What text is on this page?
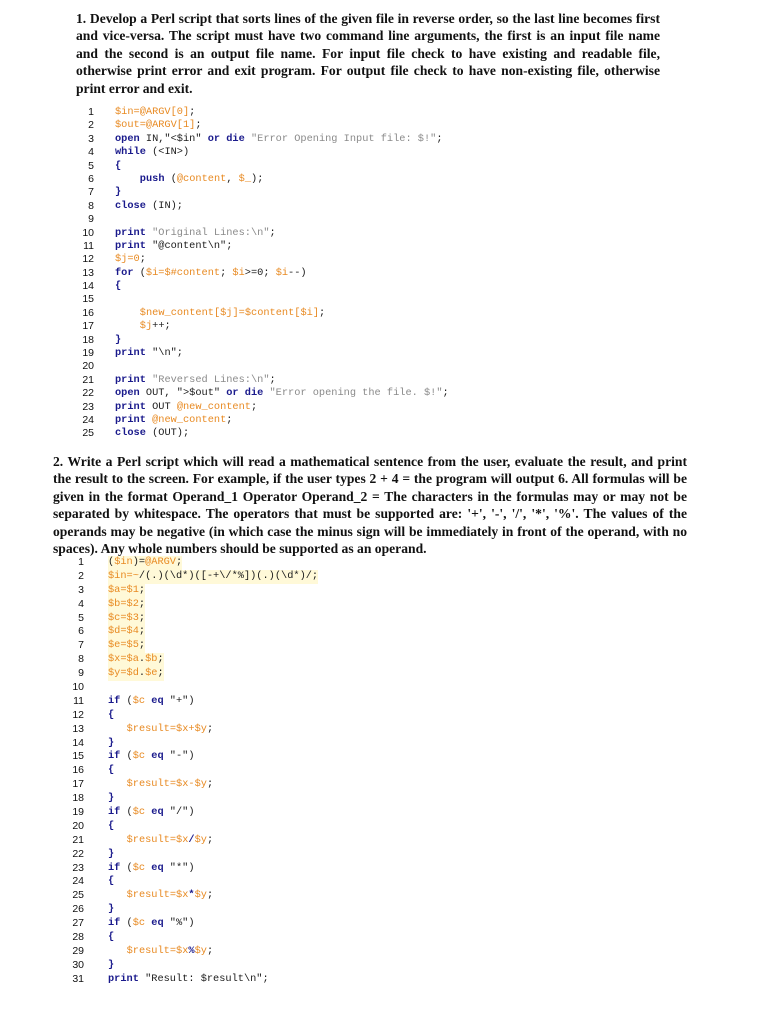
1. Develop a Perl script that sorts lines of the given file in reverse order, so the last line becomes first and vice-versa. The script must have two command line arguments, the first is an input file name and the second is an output file name. For input file check to have existing and readable file, otherwise print error and exit program. For output file check to have non-existing file, otherwise print error and exit.
1 $in=@ARGV[0];
2 $out=@ARGV[1];
3 open IN,"<$in" or die "Error Opening Input file: $!";
4 while (<IN>)
5 {
6	push (@content, $_);
7 }
8 close (IN);
9
10 print "Original Lines:\n";
11 print "@content\n";
12 $j=0;
13 for ($i=$#content; $i>=0; $i--)
14 {
15
16	$new_content[$j]=$content[$i];
17	$j++;
18 }
19 print "\n";
20
21 print "Reversed Lines:\n";
22 open OUT, ">$out" or die "Error opening the file. $!";
23 print OUT @new_content;
24 print @new_content;
25 close (OUT);
2. Write a Perl script which will read a mathematical sentence from the user, evaluate the result, and print the result to the screen. For example, if the user types 2 + 4 = the program will output 6. All formulas will be given in the format Operand_1 Operator Operand_2 = The characters in the formulas may or may not be separated by whitespace. The operators that must be supported are: '+', '-', '/', '*', '%'. The values of the operands may be negative (in which case the minus sign will be immediately in front of the operand, with no spaces). Any whole numbers should be supported as an operand.
1 ($in)=@ARGV;
2 $in=~/(.)(\d*)([-+\/*%])(.)(\d*)/;
3 $a=$1;
4 $b=$2;
5 $c=$3;
6 $d=$4;
7 $e=$5;
8 $x=$a.$b;
9 $y=$d.$e;
10
11 if ($c eq "+")
12 {
13	$result=$x+$y;
14 }
15 if ($c eq "-")
16 {
17	$result=$x-$y;
18 }
19 if ($c eq "/")
20 {
21	$result=$x/$y;
22 }
23 if ($c eq "*")
24 {
25	$result=$x*$y;
26 }
27 if ($c eq "%")
28 {
29	$result=$x%$y;
30 }
31 print "Result: $result\n";
